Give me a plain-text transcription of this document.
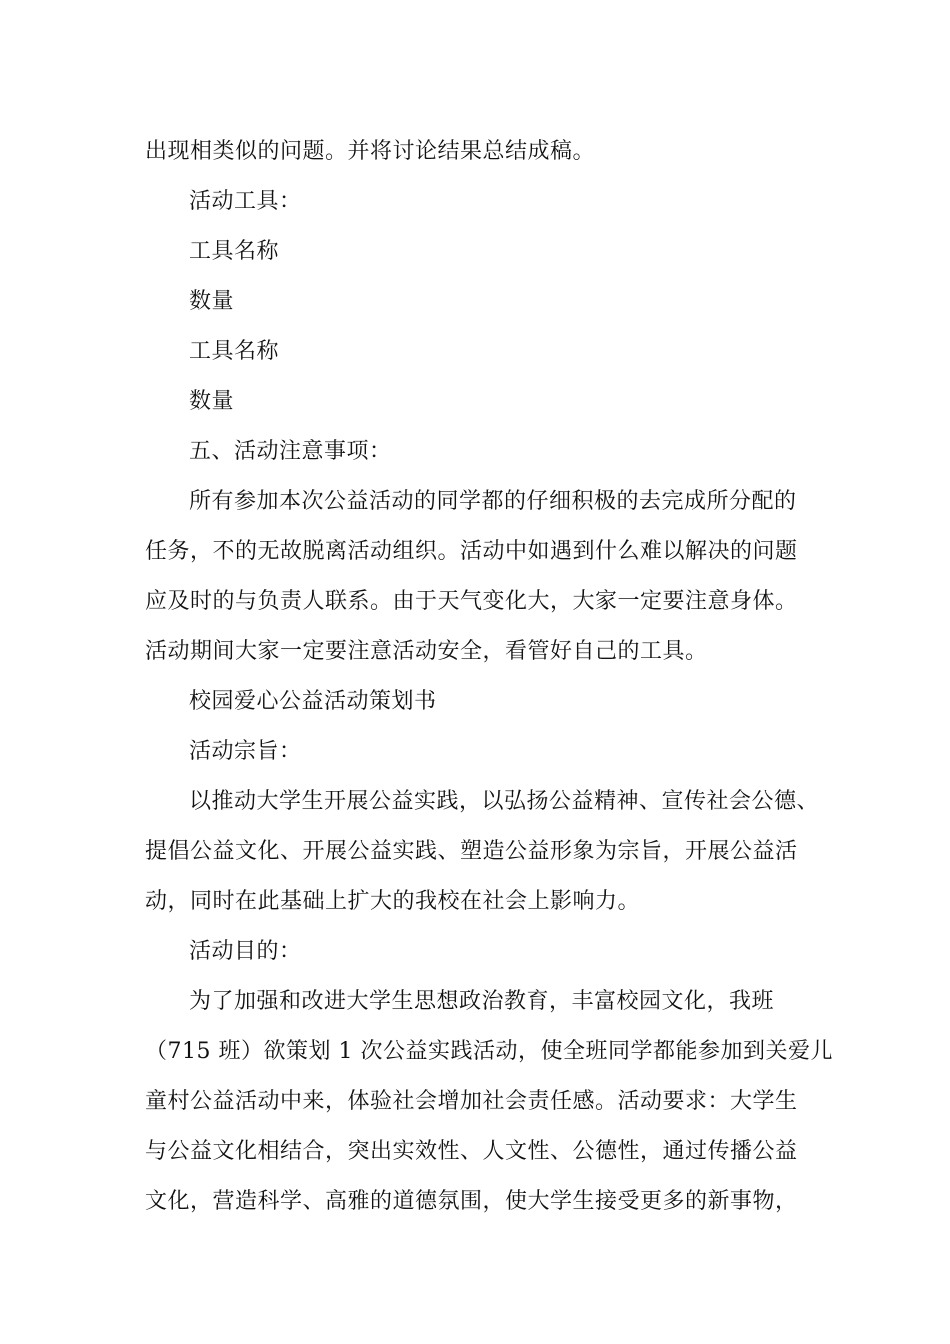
出现相类似的问题。并将讨论结果总结成稿。
活动工具：
工具名称
数量
工具名称
数量
五、活动注意事项：
所有参加本次公益活动的同学都的仔细积极的去完成所分配的
任务，不的无故脱离活动组织。活动中如遇到什么难以解决的问题
应及时的与负责人联系。由于天气变化大，大家一定要注意身体。
活动期间大家一定要注意活动安全，看管好自己的工具。
校园爱心公益活动策划书
活动宗旨：
以推动大学生开展公益实践，以弘扬公益精神、宣传社会公德、
提倡公益文化、开展公益实践、塑造公益形象为宗旨，开展公益活
动，同时在此基础上扩大的我校在社会上影响力。
活动目的：
为了加强和改进大学生思想政治教育，丰富校园文化，我班
（715 班）欲策划 1 次公益实践活动，使全班同学都能参加到关爱儿
童村公益活动中来，体验社会增加社会责任感。活动要求：大学生
与公益文化相结合，突出实效性、人文性、公德性，通过传播公益
文化，营造科学、高雅的道德氛围，使大学生接受更多的新事物，
